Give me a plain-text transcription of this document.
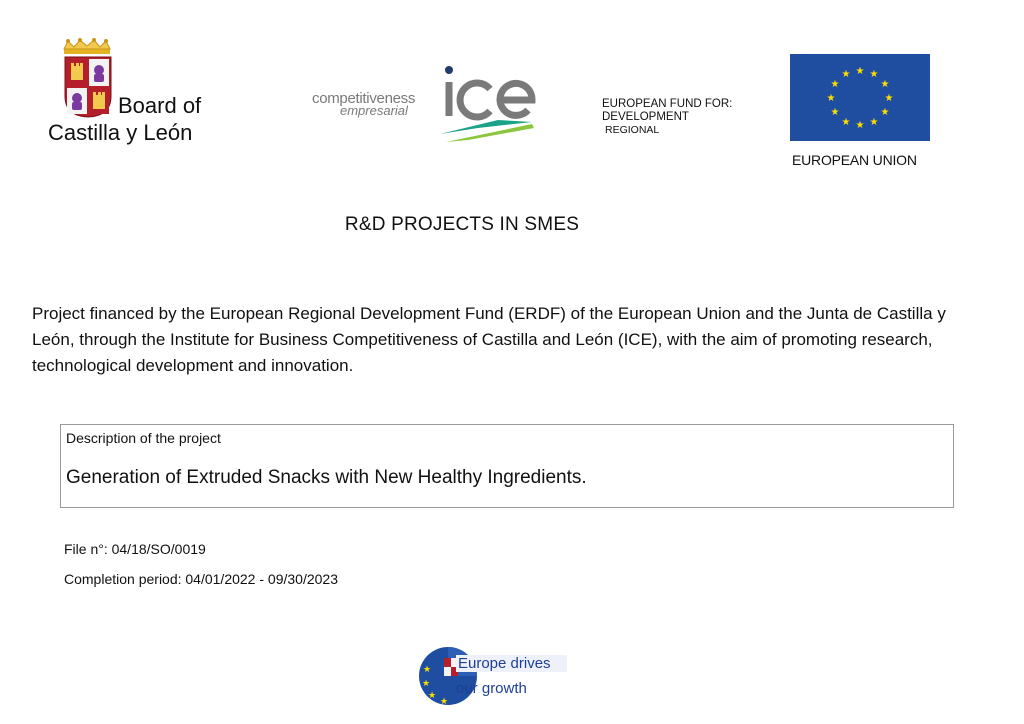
Board of
Castilla y León
competitiveness
empresarial	EUROPEAN FUND FOR:
DEVELOPMENT
REGIONAL
★ ★
★
★
★
★
★
★
★
★
★
★
EUROPEAN UNION
R&D PROJECTS IN SMES
Project financed by the European Regional Development Fund (ERDF) of the European Union and the Junta de Castilla y León, through the Institute for Business Competitiveness of Castilla and León (ICE), with the aim of promoting research, technological development and innovation.
Description of the project
Generation of Extruded Snacks with New Healthy Ingredients.
File n°: 04/18/SO/0019
Completion period: 04/01/2022 - 09/30/2023
★
★
★
★
Europe drives
our growth
